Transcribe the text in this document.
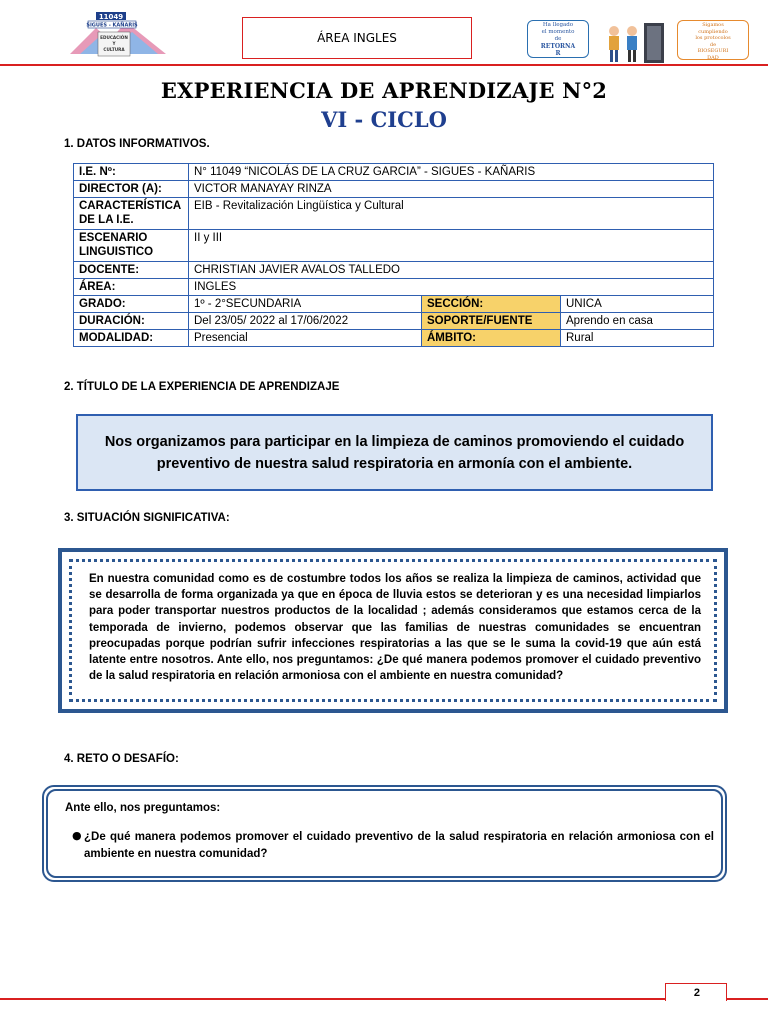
11049
SIGUES - KAÑARIS
EDUCACIÓN
Y
CULTURA
ÁREA INGLES
Ha llegado
el momento
de
RETORNA
R
Sigamos
cumpliendo
los protocolos
de
BIOSEGURI
DAD
EXPERIENCIA DE APRENDIZAJE N°2
VI - CICLO
1. DATOS INFORMATIVOS.
I.E. Nº:	N° 11049 “NICOLÁS DE LA CRUZ GARCIA” - SIGUES - KAÑARIS		
DIRECTOR (A):	VICTOR MANAYAY RINZA		
CARACTERÍSTICA DE LA I.E.	EIB - Revitalización Lingüística y Cultural		
ESCENARIO LINGUISTICO	II y III		
DOCENTE:	CHRISTIAN JAVIER AVALOS TALLEDO		
ÁREA:	INGLES		
GRADO:	1º - 2°SECUNDARIA	SECCIÓN:	UNICA
DURACIÓN:	Del 23/05/ 2022 al 17/06/2022	SOPORTE/FUENTE	Aprendo en casa
MODALIDAD:	Presencial	ÁMBITO:	Rural
2. TÍTULO DE LA EXPERIENCIA DE APRENDIZAJE
Nos organizamos para participar en la limpieza de caminos promoviendo el cuidado preventivo de nuestra salud respiratoria en armonía con el ambiente.
3. SITUACIÓN SIGNIFICATIVA:
En nuestra comunidad como es de costumbre todos los años se realiza la limpieza de caminos, actividad que se desarrolla de forma organizada ya que en época de lluvia estos se deterioran y es una necesidad limpiarlos para poder transportar nuestros productos de la localidad ; además consideramos que estamos cerca de la temporada de invierno, podemos observar que las familias de nuestras comunidades se encuentran preocupadas porque podrían sufrir infecciones respiratorias a las que se le suma la covid-19 que aún está latente entre nosotros. Ante ello, nos preguntamos: ¿De qué manera podemos promover el cuidado preventivo de la salud respiratoria en relación armoniosa con el ambiente en nuestra comunidad?
4. RETO O DESAFÍO:
Ante ello, nos preguntamos:
● ¿De qué manera podemos promover el cuidado preventivo de la salud respiratoria en relación armoniosa con el ambiente en nuestra comunidad?
2
